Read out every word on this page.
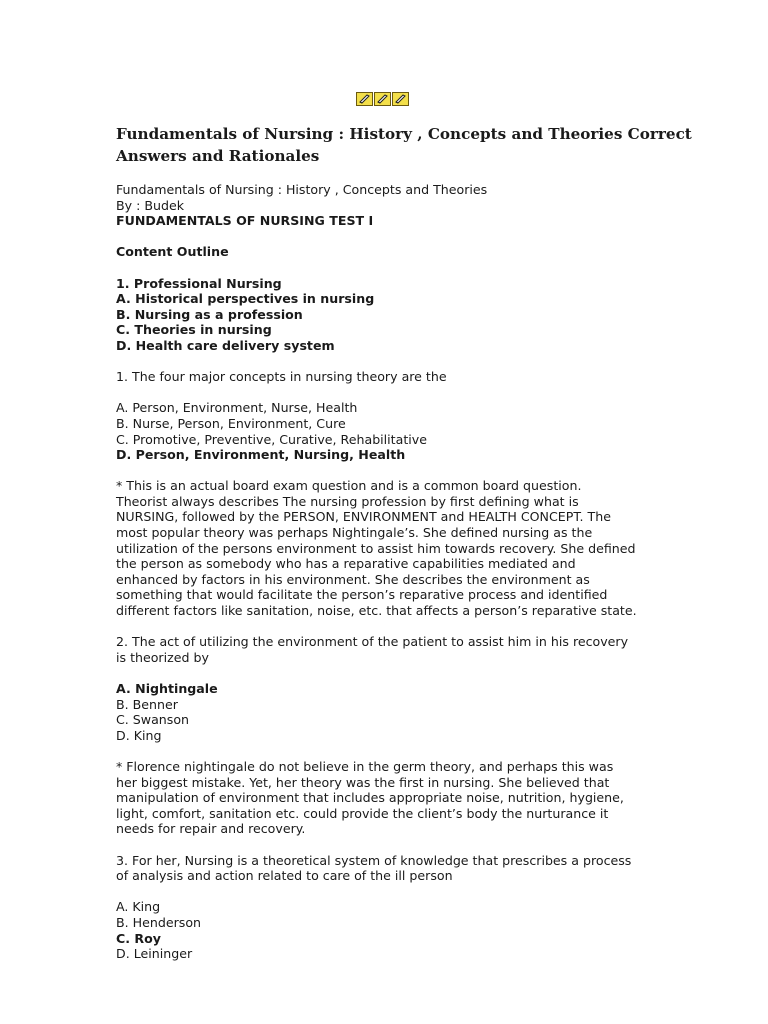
Fundamentals of Nursing : History , Concepts and Theories Correct
Answers and Rationales
Fundamentals of Nursing : History , Concepts and Theories
By : Budek
FUNDAMENTALS OF NURSING TEST I
Content Outline
1. Professional Nursing
A. Historical perspectives in nursing
B. Nursing as a profession
C. Theories in nursing
D. Health care delivery system
1. The four major concepts in nursing theory are the
A. Person, Environment, Nurse, Health
B. Nurse, Person, Environment, Cure
C. Promotive, Preventive, Curative, Rehabilitative
D. Person, Environment, Nursing, Health
* This is an actual board exam question and is a common board question.
Theorist always describes The nursing profession by first defining what is
NURSING, followed by the PERSON, ENVIRONMENT and HEALTH CONCEPT. The
most popular theory was perhaps Nightingale’s. She defined nursing as the
utilization of the persons environment to assist him towards recovery. She defined
the person as somebody who has a reparative capabilities mediated and
enhanced by factors in his environment. She describes the environment as
something that would facilitate the person’s reparative process and identified
different factors like sanitation, noise, etc. that affects a person’s reparative state.
2. The act of utilizing the environment of the patient to assist him in his recovery
is theorized by
A. Nightingale
B. Benner
C. Swanson
D. King
* Florence nightingale do not believe in the germ theory, and perhaps this was
her biggest mistake. Yet, her theory was the first in nursing. She believed that
manipulation of environment that includes appropriate noise, nutrition, hygiene,
light, comfort, sanitation etc. could provide the client’s body the nurturance it
needs for repair and recovery.
3. For her, Nursing is a theoretical system of knowledge that prescribes a process
of analysis and action related to care of the ill person
A. King
B. Henderson
C. Roy
D. Leininger
